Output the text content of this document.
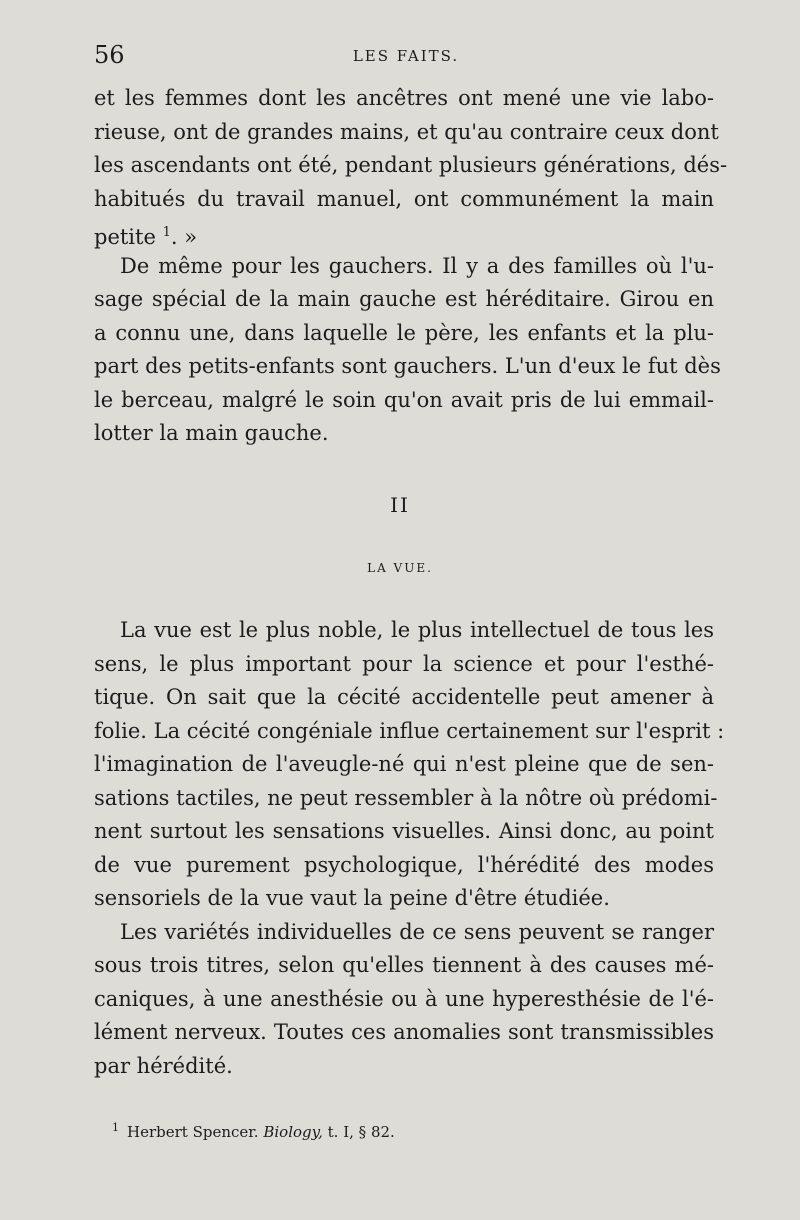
56	LES FAITS.
et les femmes dont les ancêtres ont mené une vie labo-
rieuse, ont de grandes mains, et qu'au contraire ceux dont
les ascendants ont été, pendant plusieurs générations, dés-
habitués du travail manuel, ont communément la main
petite $^1$. »
De même pour les gauchers. Il y a des familles où l'u-
sage spécial de la main gauche est héréditaire. Girou en
a connu une, dans laquelle le père, les enfants et la plu-
part des petits-enfants sont gauchers. L'un d'eux le fut dès
le berceau, malgré le soin qu'on avait pris de lui emmail-
lotter la main gauche.
II
LA VUE.
La vue est le plus noble, le plus intellectuel de tous les
sens, le plus important pour la science et pour l'esthé-
tique. On sait que la cécité accidentelle peut amener à
folie. La cécité congéniale influe certainement sur l'esprit :
l'imagination de l'aveugle-né qui n'est pleine que de sen-
sations tactiles, ne peut ressembler à la nôtre où prédomi-
nent surtout les sensations visuelles. Ainsi donc, au point
de vue purement psychologique, l'hérédité des modes
sensoriels de la vue vaut la peine d'être étudiée.
Les variétés individuelles de ce sens peuvent se ranger
sous trois titres, selon qu'elles tiennent à des causes mé-
caniques, à une anesthésie ou à une hyperesthésie de l'é-
lément nerveux. Toutes ces anomalies sont transmissibles
par hérédité.
$^1$ Herbert Spencer. Biology, t. I, § 82.
